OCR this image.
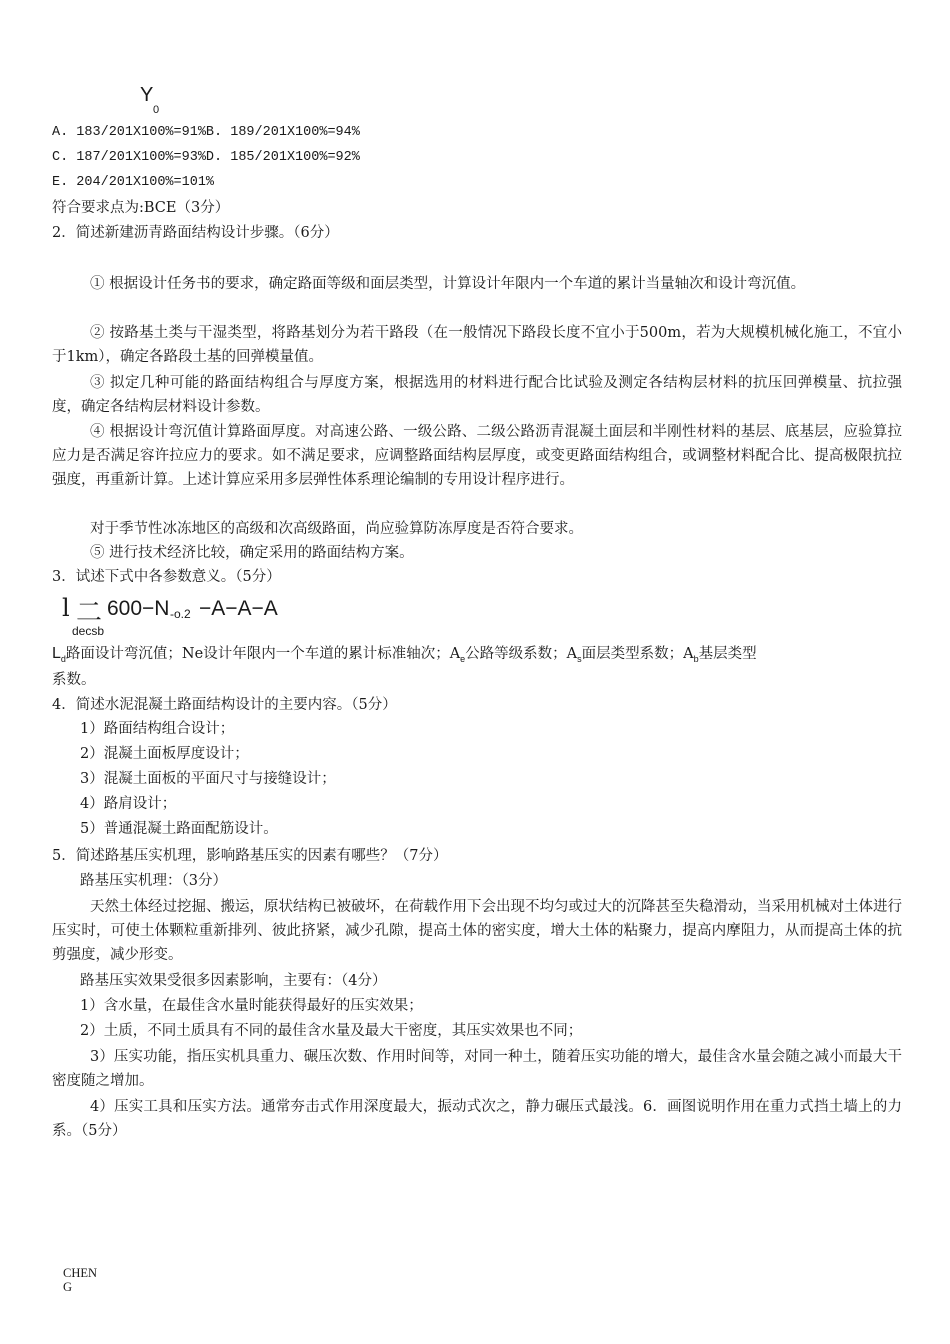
Y
0
A. 183/201X100%=91%B. 189/201X100%=94%
C. 187/201X100%=93%D. 185/201X100%=92%
E. 204/201X100%=101%
符合要求点为:BCE（3分）
2．简述新建沥青路面结构设计步骤。（6分）
① 根据设计任务书的要求，确定路面等级和面层类型，计算设计年限内一个车道的累计当量轴次和设计弯沉值。
② 按路基土类与干湿类型，将路基划分为若干路段（在一般情况下路段长度不宜小于500m，若为大规模机械化施工，不宜小于1km），确定各路段土基的回弹模量值。
③ 拟定几种可能的路面结构组合与厚度方案，根据选用的材料进行配合比试验及测定各结构层材料的抗压回弹模量、抗拉强度，确定各结构层材料设计参数。
④ 根据设计弯沉值计算路面厚度。对高速公路、一级公路、二级公路沥青混凝土面层和半刚性材料的基层、底基层，应验算拉应力是否满足容许拉应力的要求。如不满足要求，应调整路面结构层厚度，或变更路面结构组合，或调整材料配合比、提高极限抗拉强度，再重新计算。上述计算应采用多层弹性体系理论编制的专用设计程序进行。
对于季节性冰冻地区的高级和次高级路面，尚应验算防冻厚度是否符合要求。
⑤ 进行技术经济比较，确定采用的路面结构方案。
3．试述下式中各参数意义。（5分）
l 二 600−N -o.2 −A−A−A
decsb
$L_d$路面设计弯沉值；Ne设计年限内一个车道的累计标准轴次；$A_e$公路等级系数；$A_s$面层类型系数；$A_b$基层类型
系数。
4．简述水泥混凝土路面结构设计的主要内容。（5分）
1）路面结构组合设计；
2）混凝土面板厚度设计；
3）混凝土面板的平面尺寸与接缝设计；
4）路肩设计；
5）普通混凝土路面配筋设计。
5．简述路基压实机理，影响路基压实的因素有哪些？（7分）
路基压实机理：（3分）
天然土体经过挖掘、搬运，原状结构已被破坏，在荷载作用下会出现不均匀或过大的沉降甚至失稳滑动，当采用机械对土体进行压实时，可使土体颗粒重新排列、彼此挤紧，减少孔隙，提高土体的密实度，增大土体的粘聚力，提高内摩阻力，从而提高土体的抗剪强度，减少形变。
路基压实效果受很多因素影响，主要有：（4分）
1）含水量，在最佳含水量时能获得最好的压实效果；
2）土质，不同土质具有不同的最佳含水量及最大干密度，其压实效果也不同；
3）压实功能，指压实机具重力、碾压次数、作用时间等，对同一种土，随着压实功能的增大，最佳含水量会随之减小而最大干密度随之增加。
4）压实工具和压实方法。通常夯击式作用深度最大，振动式次之，静力碾压式最浅。6．画图说明作用在重力式挡土墙上的力系。（5分）
CHEN
G
